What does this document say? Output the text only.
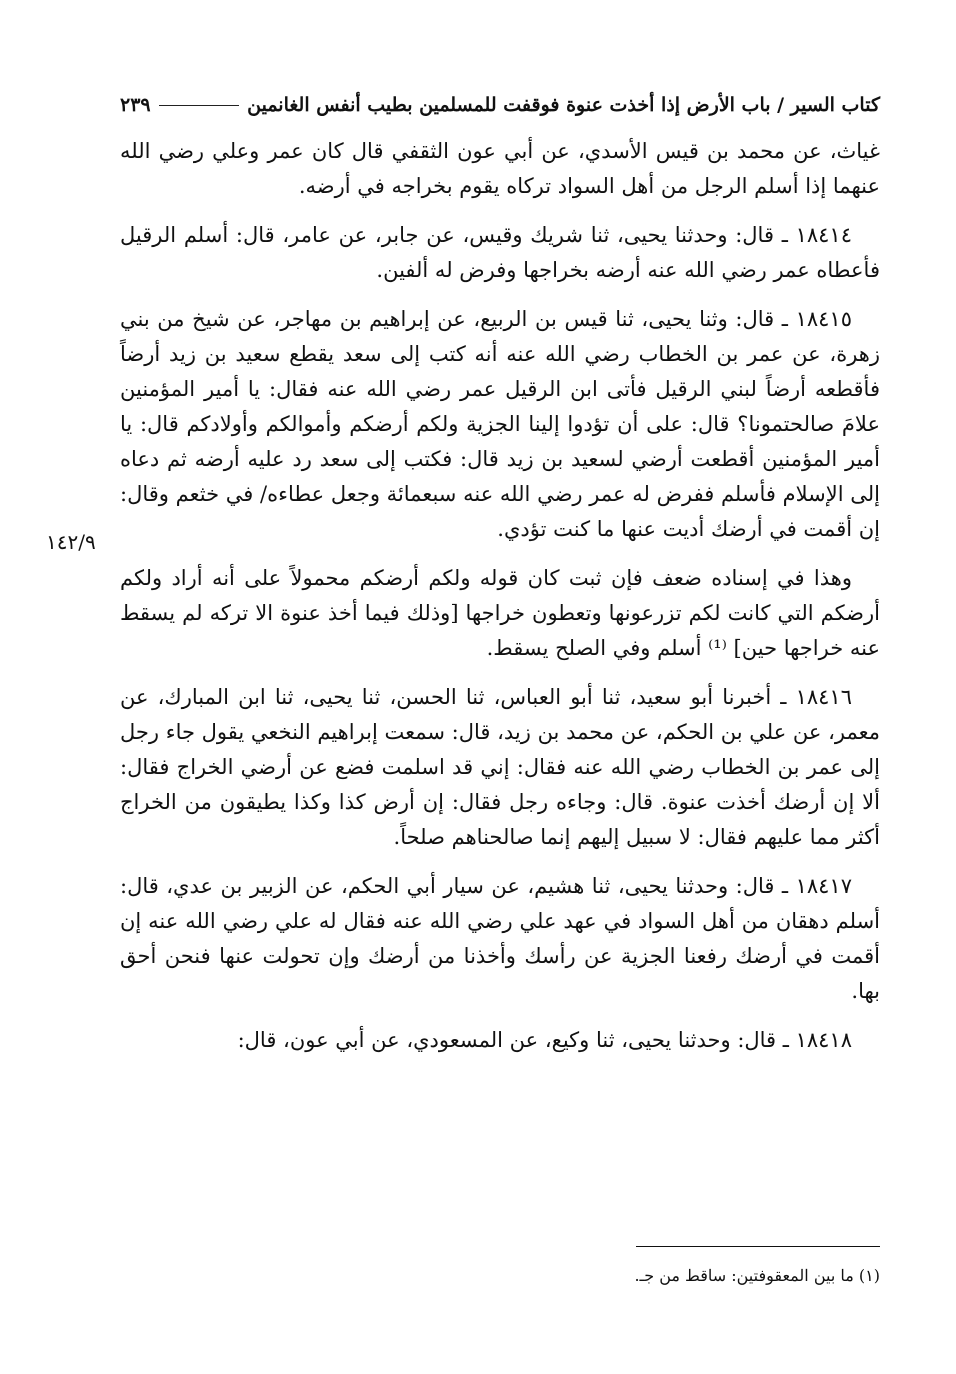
كتاب السير / باب الأرض إذا أخذت عنوة فوقفت للمسلمين بطيب أنفس الغانمين
٢٣٩

غياث، عن محمد بن قيس الأسدي، عن أبي عون الثقفي قال كان عمر وعلي رضي الله عنهما إذا أسلم الرجل من أهل السواد تركاه يقوم بخراجه في أرضه.

١٨٤١٤ ـ قال: وحدثنا يحيى، ثنا شريك وقيس، عن جابر، عن عامر، قال: أسلم الرقيل فأعطاه عمر رضي الله عنه أرضه بخراجها وفرض له ألفين.

١٨٤١٥ ـ قال: وثنا يحيى، ثنا قيس بن الربيع، عن إبراهيم بن مهاجر، عن شيخ من بني زهرة، عن عمر بن الخطاب رضي الله عنه أنه كتب إلى سعد يقطع سعيد بن زيد أرضاً فأقطعه أرضاً لبني الرقيل فأتى ابن الرقيل عمر رضي الله عنه فقال: يا أمير المؤمنين علامَ صالحتمونا؟ قال: على أن تؤدوا إلينا الجزية ولكم أرضكم وأموالكم وأولادكم قال: يا أمير المؤمنين أقطعت أرضي لسعيد بن زيد قال: فكتب إلى سعد رد عليه أرضه ثم دعاه إلى الإسلام فأسلم ففرض له عمر رضي الله عنه سبعمائة وجعل عطاءه/ في خثعم وقال: إن أقمت في أرضك أديت عنها ما كنت تؤدي.

وهذا في إسناده ضعف فإن ثبت كان قوله ولكم أرضكم محمولاً على أنه أراد ولكم أرضكم التي كانت لكم تزرعونها وتعطون خراجها [وذلك فيما أخذ عنوة الا تركه لم يسقط عنه خراجها حين] ⁽¹⁾ أسلم وفي الصلح يسقط.

١٨٤١٦ ـ أخبرنا أبو سعيد، ثنا أبو العباس، ثنا الحسن، ثنا يحيى، ثنا ابن المبارك، عن معمر، عن علي بن الحكم، عن محمد بن زيد، قال: سمعت إبراهيم النخعي يقول جاء رجل إلى عمر بن الخطاب رضي الله عنه فقال: إني قد اسلمت فضع عن أرضي الخراج فقال: ألا إن أرضك أخذت عنوة. قال: وجاءه رجل فقال: إن أرض كذا وكذا يطيقون من الخراج أكثر مما عليهم فقال: لا سبيل إليهم إنما صالحناهم صلحاً.

١٨٤١٧ ـ قال: وحدثنا يحيى، ثنا هشيم، عن سيار أبي الحكم، عن الزبير بن عدي، قال: أسلم دهقان من أهل السواد في عهد علي رضي الله عنه فقال له علي رضي الله عنه إن أقمت في أرضك رفعنا الجزية عن رأسك وأخذنا من أرضك وإن تحولت عنها فنحن أحق بها.

١٨٤١٨ ـ قال: وحدثنا يحيى، ثنا وكيع، عن المسعودي، عن أبي عون، قال:

١٤٢/٩
(١) ما بين المعقوفتين: ساقط من جـ.
